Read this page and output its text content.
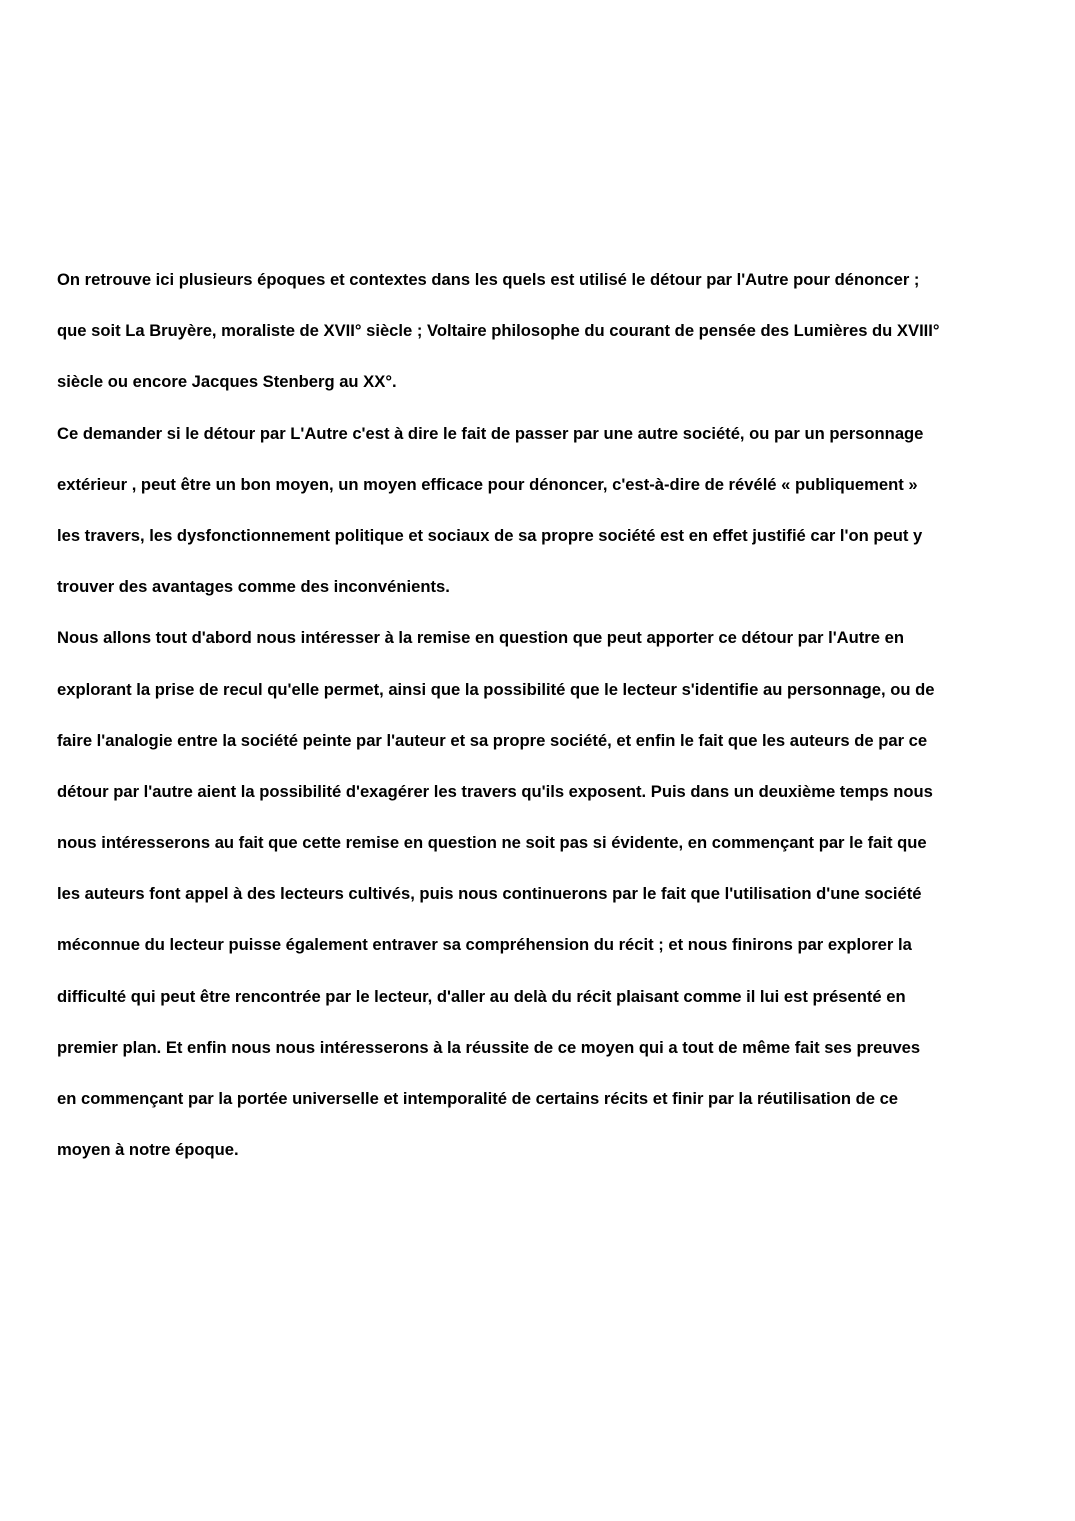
On retrouve ici plusieurs époques et contextes dans les quels est utilisé le détour par l'Autre pour dénoncer ;
que soit La Bruyère, moraliste de XVII° siècle ; Voltaire philosophe du courant de pensée des Lumières du XVIII°
siècle ou encore Jacques Stenberg au XX°.
Ce demander si le détour par L'Autre c'est à dire le fait de passer par une autre société, ou par un personnage
extérieur , peut être un bon moyen, un moyen efficace pour dénoncer, c'est-à-dire de révélé « publiquement »
les travers, les dysfonctionnement politique et sociaux de sa propre société est en effet justifié car l'on peut y
trouver des avantages comme des inconvénients.
Nous allons tout d'abord nous intéresser à la remise en question que peut apporter ce détour par l'Autre en
explorant la prise de recul qu'elle permet, ainsi que la possibilité que le lecteur s'identifie au personnage, ou de
faire l'analogie entre la société peinte par l'auteur et sa propre société, et enfin le fait que les auteurs de par ce
détour par l'autre aient la possibilité d'exagérer les travers qu'ils exposent. Puis dans un deuxième temps nous
nous intéresserons au fait que cette remise en question ne soit pas si évidente, en commençant par le fait que
les auteurs font appel à des lecteurs cultivés, puis nous continuerons par le fait que l'utilisation d'une société
méconnue du lecteur puisse également entraver sa compréhension du récit ; et nous finirons par explorer la
difficulté qui peut être rencontrée par le lecteur, d'aller au delà du récit plaisant comme il lui est présenté en
premier plan. Et enfin nous nous intéresserons à la réussite de ce moyen qui a tout de même fait ses preuves
en commençant par la portée universelle et intemporalité de certains récits et finir par la réutilisation de ce
moyen à notre époque.
